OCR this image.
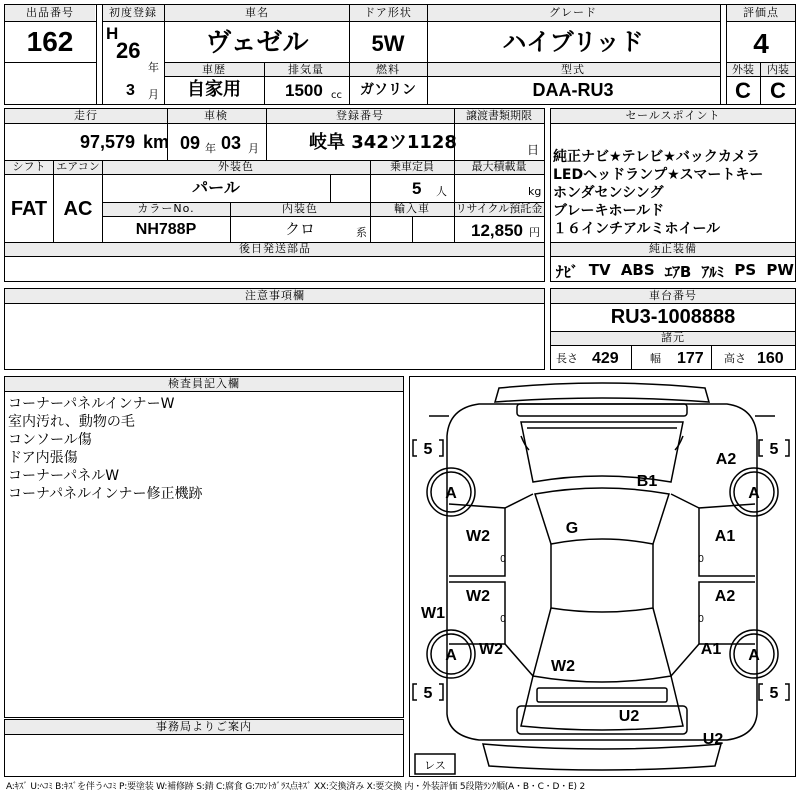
出品番号
162
初度登録
H
26
年
3 月
車名
ヴェゼル
ドア形状
5W
グレード
ハイブリッド
評価点
4
車歴
自家用
排気量
1500 cc
燃料
ガソリン
型式
DAA-RU3
外装 内装
C C
走行
97,579 km
車検
09 年 03 月
登録番号
岐阜 342ツ1128
譲渡書類期限
日
シフト
FAT
エアコン
AC
外装色
パール
乗車定員
5 人
最大積載量
kg
カラーNo.
NH788P
内装色
クロ	系
輸入車 リサイクル預託金
12,850 円
後日発送部品
セールスポイント
純正ナビ★テレビ★バックカメラ
LEDヘッドランプ★スマートキー
ホンダセンシング
ブレーキホールド
１６インチアルミホイール
純正装備
ﾅﾋﾞ TV ABS ｴｱB ｱﾙﾐ PS PW
注意事項欄	車台番号
RU3-1008888
諸元
長さ 429	幅 177 高さ 160
検査員記入欄
コーナーパネルインナーW
室内汚れ、動物の毛
コンソール傷
ドア内張傷
コーナーパネルW
コーナパネルインナー修正機跡
事務局よりご案内
5	5
5	5
A	A
A	A
B1
A2
G
W2	A1
W2	A2
W1
W2	A1
W2
U2
U2
0	0
0	0
レス
A:ｷｽﾞ U:ﾍｺﾐ B:ｷｽﾞを伴うﾍｺﾐ P:要塗装 W:補修跡 S:錆 C:腐食 G:ﾌﾛﾝﾄｶﾞﾗｽ点ｷｽﾞ XX:交換済み X:要交換 内・外装評価 5段階ﾗﾝｸ順(A・B・C・D・E) 2
